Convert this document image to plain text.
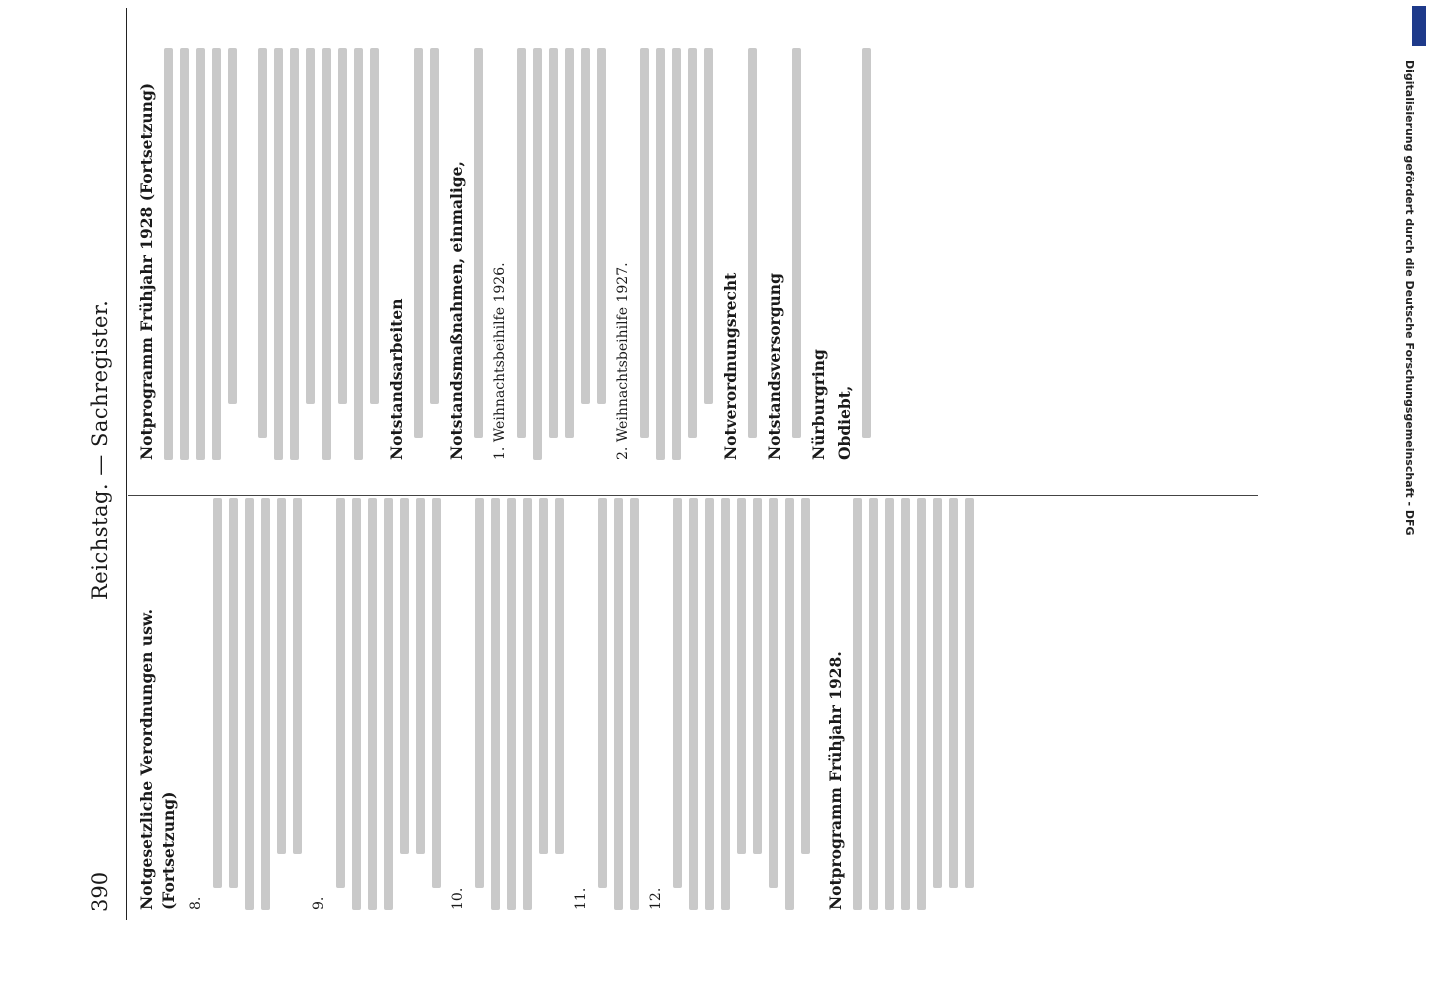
390
Reichstag. — Sachregister.
Notgesetzliche Verordnungen usw. (Fortsetzung) 8.	9.	10.	11.	12.	Notprogramm Frühjahr 1928.
Notprogramm Frühjahr 1928 (Fortsetzung)	Notstandsarbeiten	Notstandsmaßnahmen, einmalige, 1. Weihnachtsbeihilfe 1926.	2. Weihnachtsbeihilfe 1927.	Notverordnungsrecht Notstandsversorgung Nürburgring Obdiebt,	Digitalisierung gefördert durch die Deutsche Forschungsgemeinschaft - DFG
